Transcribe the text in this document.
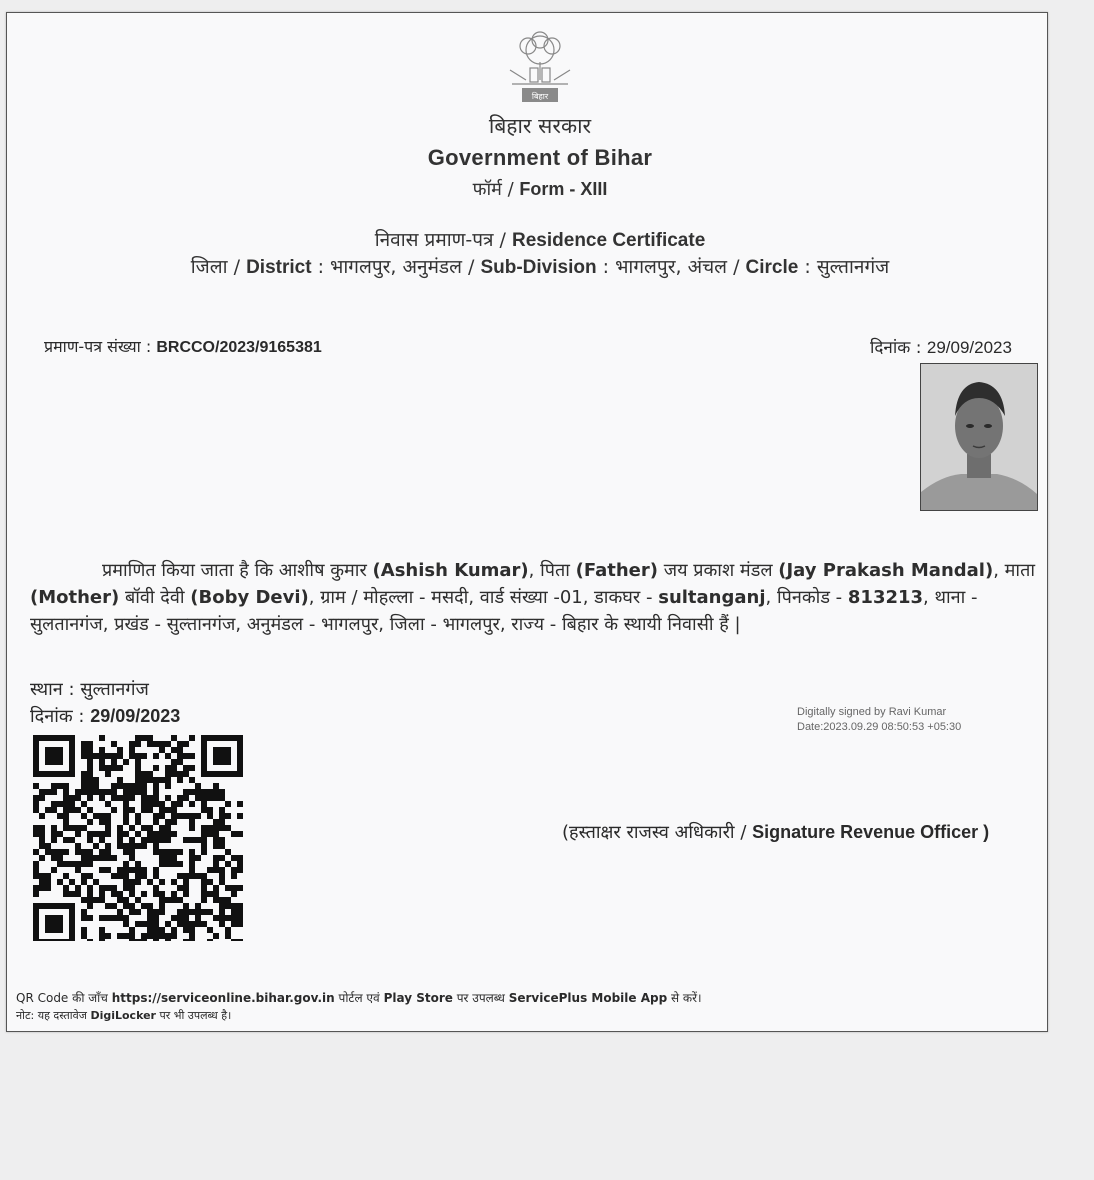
बिहार
बिहार सरकार
Government of Bihar
फॉर्म / Form - XIII
निवास प्रमाण-पत्र / Residence Certificate
जिला / District : भागलपुर, अनुमंडल / Sub-Division : भागलपुर, अंचल / Circle : सुल्तानगंज
प्रमाण-पत्र संख्या : BRCCO/2023/9165381	दिनांक : 29/09/2023
प्रमाणित किया जाता है कि आशीष कुमार (Ashish Kumar), पिता (Father) जय प्रकाश मंडल (Jay Prakash Mandal), माता (Mother) बॉवी देवी (Boby Devi), ग्राम / मोहल्ला - मसदी, वार्ड संख्या -01, डाकघर - sultanganj, पिनकोड - 813213, थाना - सुलतानगंज, प्रखंड - सुल्तानगंज, अनुमंडल - भागलपुर, जिला - भागलपुर, राज्य - बिहार के स्थायी निवासी हैं |
स्थान : सुल्तानगंज
दिनांक : 29/09/2023	Digitally signed by Ravi Kumar
Date:2023.09.29 08:50:53 +05:30
(हस्ताक्षर राजस्व अधिकारी / Signature Revenue Officer )
QR Code की जाँच https://serviceonline.bihar.gov.in पोर्टल एवं Play Store पर उपलब्ध ServicePlus Mobile App से करें।
नोट: यह दस्तावेज DigiLocker पर भी उपलब्ध है।
